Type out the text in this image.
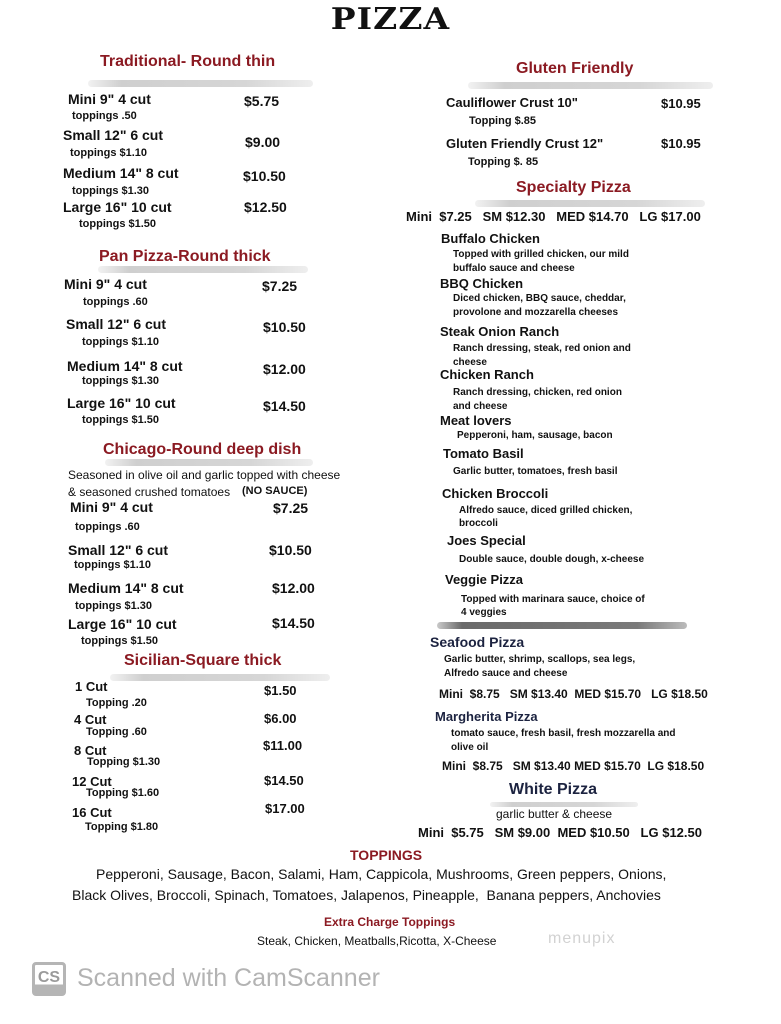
PIZZA
Traditional- Round thin
Mini 9" 4 cut
toppings .50
$5.75
Small 12" 6 cut
toppings $1.10
$9.00
Medium 14" 8 cut
toppings $1.30
$10.50
Large 16" 10 cut
toppings $1.50
$12.50
Pan Pizza-Round thick
Mini 9" 4 cut
toppings .60
$7.25
Small 12" 6 cut
toppings $1.10
$10.50
Medium 14" 8 cut
toppings $1.30
$12.00
Large 16" 10 cut
toppings $1.50
$14.50
Chicago-Round deep dish
Seasoned in olive oil and garlic topped with cheese
& seasoned crushed tomatoes (NO SAUCE)
Mini 9" 4 cut
toppings .60
$7.25
Small 12" 6 cut
toppings $1.10
$10.50
Medium 14" 8 cut
toppings $1.30
$12.00
Large 16" 10 cut
toppings $1.50
$14.50
Sicilian-Square thick
1 Cut
Topping .20
$1.50
4 Cut
Topping .60
$6.00
8 Cut
Topping $1.30
$11.00
12 Cut
Topping $1.60
$14.50
16 Cut
Topping $1.80
$17.00
Gluten Friendly
Cauliflower Crust 10"
Topping $.85
$10.95
Gluten Friendly Crust 12"
Topping $. 85
$10.95
Specialty Pizza
Mini  $7.25   SM $12.30   MED $14.70   LG $17.00
Buffalo Chicken
Topped with grilled chicken, our mild
buffalo sauce and cheese
BBQ Chicken
Diced chicken, BBQ sauce, cheddar,
provolone and mozzarella cheeses
Steak Onion Ranch
Ranch dressing, steak, red onion and
cheese
Chicken Ranch
Ranch dressing, chicken, red onion
and cheese
Meat lovers
Pepperoni, ham, sausage, bacon
Tomato Basil
Garlic butter, tomatoes, fresh basil
Chicken Broccoli
Alfredo sauce, diced grilled chicken,
broccoli
Joes Special
Double sauce, double dough, x-cheese
Veggie Pizza
Topped with marinara sauce, choice of
4 veggies
Seafood Pizza
Garlic butter, shrimp, scallops, sea legs,
Alfredo sauce and cheese
Mini  $8.75   SM $13.40  MED $15.70   LG $18.50
Margherita Pizza
tomato sauce, fresh basil, fresh mozzarella and
olive oil
Mini  $8.75   SM $13.40 MED $15.70  LG $18.50
White Pizza
garlic butter & cheese
Mini  $5.75   SM $9.00  MED $10.50   LG $12.50
TOPPINGS
Pepperoni, Sausage, Bacon, Salami, Ham, Cappicola, Mushrooms, Green peppers, Onions,
Black Olives, Broccoli, Spinach, Tomatoes, Jalapenos, Pineapple,  Banana peppers, Anchovies
Extra Charge Toppings
Steak, Chicken, Meatballs,Ricotta, X-Cheese	menupix
CS Scanned with CamScanner
